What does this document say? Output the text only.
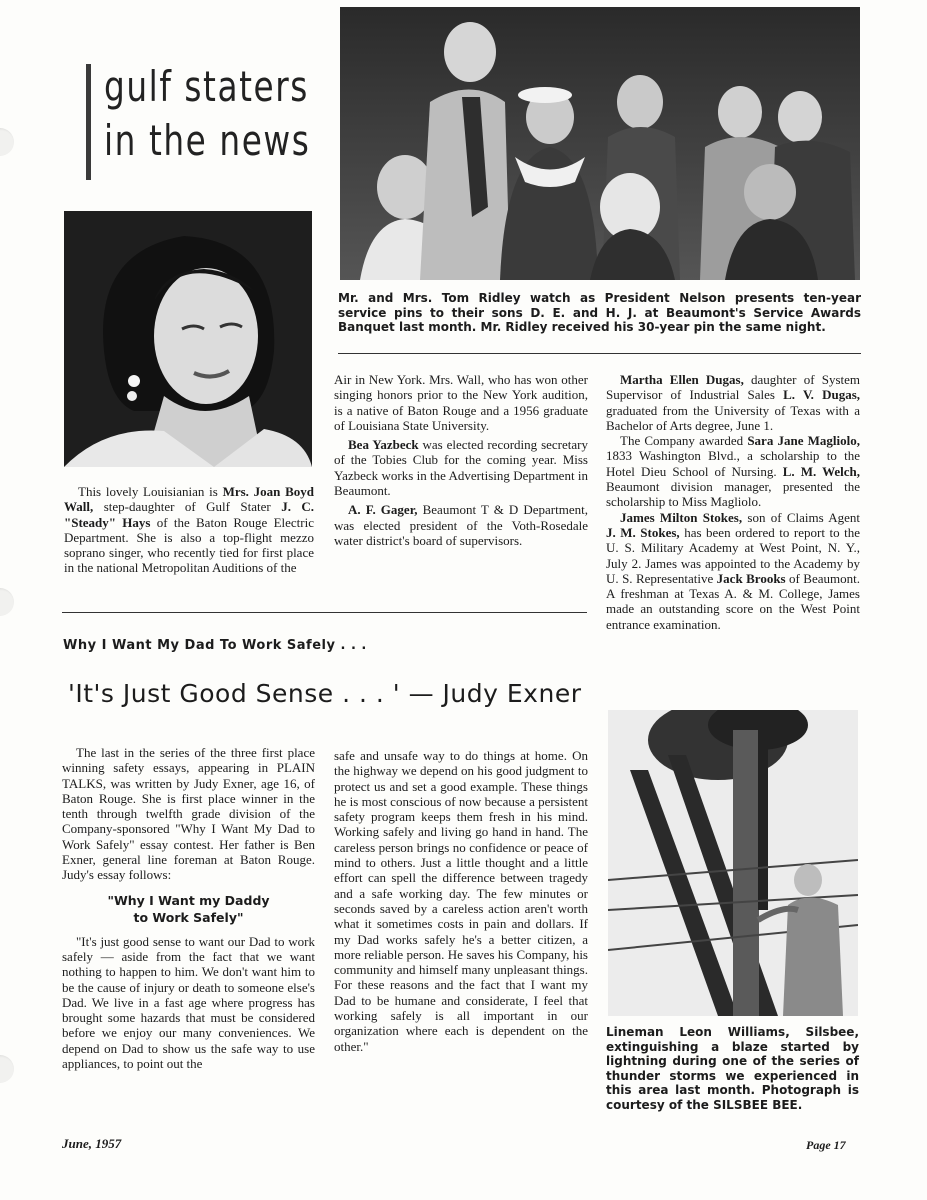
gulf staters
in the news
Mr. and Mrs. Tom Ridley watch as President Nelson presents ten-year service pins to their sons D. E. and H. J. at Beaumont's Service Awards Banquet last month. Mr. Ridley received his 30-year pin the same night.

This lovely Louisianian is Mrs. Joan Boyd Wall, step-daughter of Gulf Stater J. C. "Steady" Hays of the Baton Rouge Electric Department. She is also a top-flight mezzo soprano singer, who recently tied for first place in the national Metropolitan Auditions of the

Air in New York. Mrs. Wall, who has won other singing honors prior to the New York audition, is a native of Baton Rouge and a 1956 graduate of Louisiana State University.

Bea Yazbeck was elected recording secretary of the Tobies Club for the coming year. Miss Yazbeck works in the Advertising Department in Beaumont.

A. F. Gager, Beaumont T & D Department, was elected president of the Voth-Rosedale water district's board of supervisors.

Martha Ellen Dugas, daughter of System Supervisor of Industrial Sales L. V. Dugas, graduated from the University of Texas with a Bachelor of Arts degree, June 1.

The Company awarded Sara Jane Magliolo, 1833 Washington Blvd., a scholarship to the Hotel Dieu School of Nursing. L. M. Welch, Beaumont division manager, presented the scholarship to Miss Magliolo.

James Milton Stokes, son of Claims Agent J. M. Stokes, has been ordered to report to the U. S. Military Academy at West Point, N. Y., July 2. James was appointed to the Academy by U. S. Representative Jack Brooks of Beaumont. A freshman at Texas A. & M. College, James made an outstanding score on the West Point entrance examination.

Why I Want My Dad To Work Safely . . .
'It's Just Good Sense . . . ' — Judy Exner

The last in the series of the three first place winning safety essays, appearing in PLAIN TALKS, was written by Judy Exner, age 16, of Baton Rouge. She is first place winner in the tenth through twelfth grade division of the Company-sponsored "Why I Want My Dad to Work Safely" essay contest. Her father is Ben Exner, general line foreman at Baton Rouge. Judy's essay follows:

"Why I Want my Daddy
to Work Safely"

"It's just good sense to want our Dad to work safely — aside from the fact that we want nothing to happen to him. We don't want him to be the cause of injury or death to someone else's Dad. We live in a fast age where progress has brought some hazards that must be considered before we enjoy our many conveniences. We depend on Dad to show us the safe way to use appliances, to point out the

safe and unsafe way to do things at home. On the highway we depend on his good judgment to protect us and set a good example. These things he is most conscious of now because a persistent safety program keeps them fresh in his mind. Working safely and living go hand in hand. The careless person brings no confidence or peace of mind to others. Just a little thought and a little effort can spell the difference between tragedy and a safe working day. The few minutes or seconds saved by a careless action aren't worth what it sometimes costs in pain and dollars. If my Dad works safely he's a better citizen, a more reliable person. He saves his Company, his community and himself many unpleasant things. For these reasons and the fact that I want my Dad to be humane and considerate, I feel that working safely is all important in our organization where each is dependent on the other."

Lineman Leon Williams, Silsbee, extinguishing a blaze started by lightning during one of the series of thunder storms we experienced in this area last month. Photograph is courtesy of the SILSBEE BEE.
June, 1957	Page 17
